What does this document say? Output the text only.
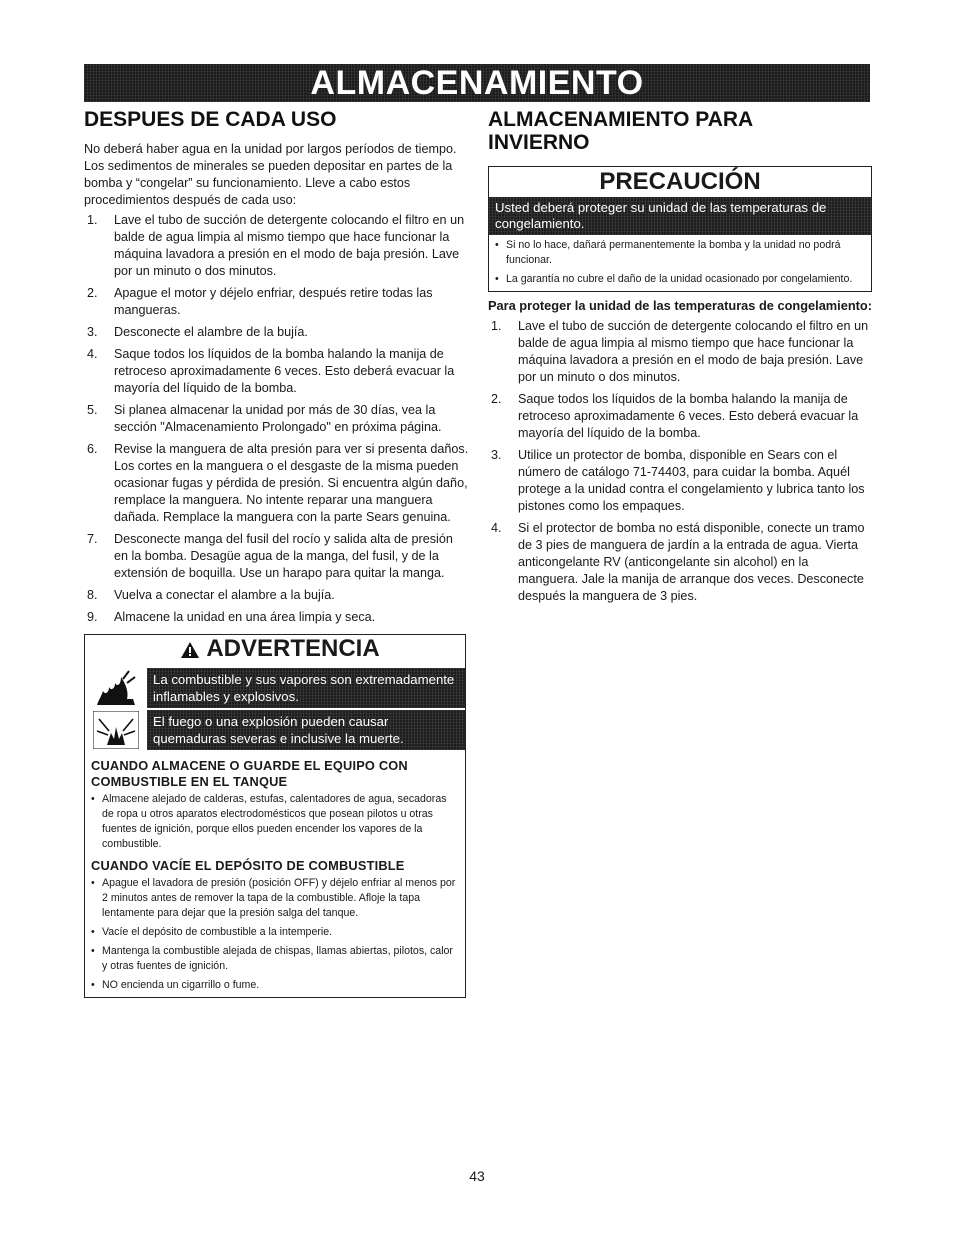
ALMACENAMIENTO
DESPUES DE CADA USO

No deberá haber agua en la unidad por largos períodos de tiempo. Los sedimentos de minerales se pueden depositar en partes de la bomba y “congelar” su funcionamiento. Lleve a cabo estos procedimientos después de cada uso:

1. Lave el tubo de succión de detergente colocando el filtro en un balde de agua limpia al mismo tiempo que hace funcionar la máquina lavadora a presión en el modo de baja presión. Lave por un minuto o dos minutos.
2. Apague el motor y déjelo enfriar, después retire todas las mangueras.
3. Desconecte el alambre de la bujía.
4. Saque todos los líquidos de la bomba halando la manija de retroceso aproximadamente 6 veces. Esto deberá evacuar la mayoría del líquido de la bomba.
5. Si planea almacenar la unidad por más de 30 días, vea la sección "Almacenamiento Prolongado" en próxima página.
6. Revise la manguera de alta presión para ver si presenta daños. Los cortes en la manguera o el desgaste de la misma pueden ocasionar fugas y pérdida de presión. Si encuentra algún daño, remplace la manguera. No intente reparar una manguera dañada. Remplace la manguera con la parte Sears genuina.
7. Desconecte manga del fusil del rocío y salida alta de presión en la bomba. Desagüe agua de la manga, del fusil, y de la extensión de boquilla. Use un harapo para quitar la manga.
8. Vuelva a conectar el alambre a la bujía.
9. Almacene la unidad en una área limpia y seca.
ADVERTENCIA
La combustible y sus vapores son extremadamente inflamables y explosivos.
El fuego o una explosión pueden causar quemaduras severas e inclusive la muerte.
CUANDO ALMACENE O GUARDE EL EQUIPO CON COMBUSTIBLE EN EL TANQUE
• Almacene alejado de calderas, estufas, calentadores de agua, secadoras de ropa u otros aparatos electrodomésticos que posean pilotos u otras fuentes de ignición, porque ellos pueden encender los vapores de la combustible.
CUANDO VACÍE EL DEPÓSITO DE COMBUSTIBLE
• Apague el lavadora de presión (posición OFF) y déjelo enfriar al menos por 2 minutos antes de remover la tapa de la combustible. Afloje la tapa lentamente para dejar que la presión salga del tanque.
• Vacíe el depósito de combustible a la intemperie.
• Mantenga la combustible alejada de chispas, llamas abiertas, pilotos, calor y otras fuentes de ignición.
• NO encienda un cigarrillo o fume.
ALMACENAMIENTO PARA INVIERNO
PRECAUCIÓN
Usted deberá proteger su unidad de las temperaturas de congelamiento.
• Si no lo hace, dañará permanentemente la bomba y la unidad no podrá funcionar.
• La garantía no cubre el daño de la unidad ocasionado por congelamiento.
Para proteger la unidad de las temperaturas de congelamiento:
1. Lave el tubo de succión de detergente colocando el filtro en un balde de agua limpia al mismo tiempo que hace funcionar la máquina lavadora a presión en el modo de baja presión. Lave por un minuto o dos minutos.
2. Saque todos los líquidos de la bomba halando la manija de retroceso aproximadamente 6 veces. Esto deberá evacuar la mayoría del líquido de la bomba.
3. Utilice un protector de bomba, disponible en Sears con el número de catálogo 71-74403, para cuidar la bomba. Aquél protege a la unidad contra el congelamiento y lubrica tanto los pistones como los empaques.
4. Si el protector de bomba no está disponible, conecte un tramo de 3 pies de manguera de jardín a la entrada de agua. Vierta anticongelante RV (anticongelante sin alcohol) en la manguera. Jale la manija de arranque dos veces. Desconecte después la manguera de 3 pies.
43
